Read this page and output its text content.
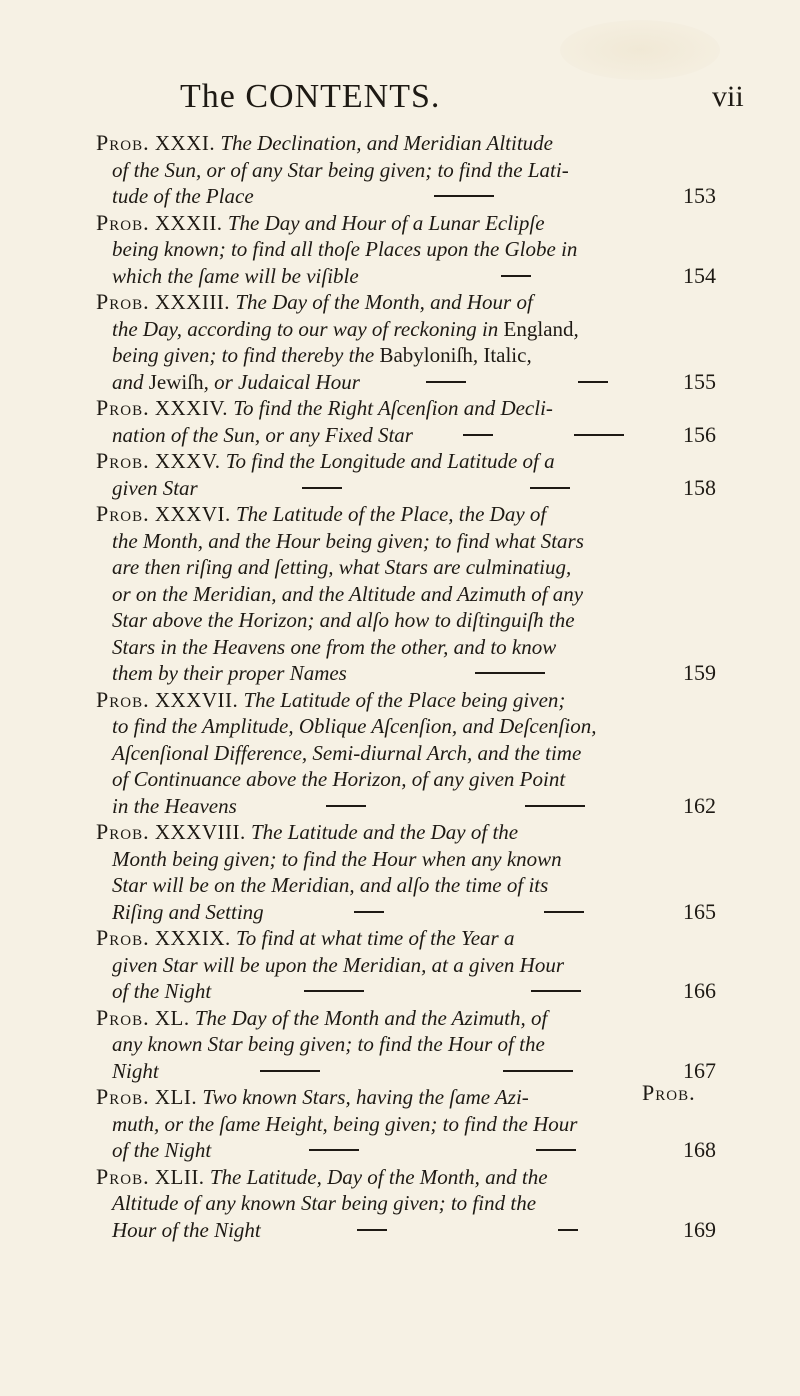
The CONTENTS.	vii
Prob. XXXI. The Declination, and Meridian Altitude
of the Sun, or of any Star being given; to find the Lati-
tude of the Place	153
Prob. XXXII. The Day and Hour of a Lunar Eclipſe
being known; to find all thoſe Places upon the Globe in
which the ſame will be viſible	154
Prob. XXXIII. The Day of the Month, and Hour of
the Day, according to our way of reckoning in England,
being given; to find thereby the Babyloniſh, Italic,
and Jewiſh, or Judaical Hour	155
Prob. XXXIV. To find the Right Aſcenſion and Decli-
nation of the Sun, or any Fixed Star	156
Prob. XXXV. To find the Longitude and Latitude of a
given Star	158
Prob. XXXVI. The Latitude of the Place, the Day of
the Month, and the Hour being given; to find what Stars
are then riſing and ſetting, what Stars are culminatiug,
or on the Meridian, and the Altitude and Azimuth of any
Star above the Horizon; and alſo how to diſtinguiſh the
Stars in the Heavens one from the other, and to know
them by their proper Names	159
Prob. XXXVII. The Latitude of the Place being given;
to find the Amplitude, Oblique Aſcenſion, and Deſcenſion,
Aſcenſional Difference, Semi-diurnal Arch, and the time
of Continuance above the Horizon, of any given Point
in the Heavens	162
Prob. XXXVIII. The Latitude and the Day of the
Month being given; to find the Hour when any known
Star will be on the Meridian, and alſo the time of its
Riſing and Setting	165
Prob. XXXIX. To find at what time of the Year a
given Star will be upon the Meridian, at a given Hour
of the Night	166
Prob. XL. The Day of the Month and the Azimuth, of
any known Star being given; to find the Hour of the
Night	167
Prob. XLI. Two known Stars, having the ſame Azi-
muth, or the ſame Height, being given; to find the Hour
of the Night	168
Prob. XLII. The Latitude, Day of the Month, and the
Altitude of any known Star being given; to find the
Hour of the Night	169
Prob.
